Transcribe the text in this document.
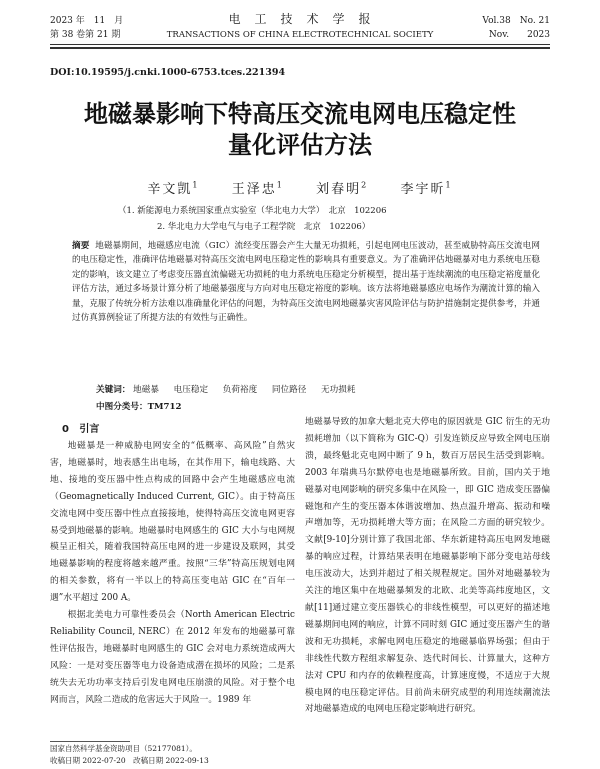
2023 年　11　月
第 38 卷第 21 期
电　工　技　术　学　报
TRANSACTIONS OF CHINA ELECTROTECHNICAL SOCIETY
Vol.38　No. 21
Nov.　　2023
DOI:10.19595/j.cnki.1000-6753.tces.221394
地磁暴影响下特高压交流电网电压稳定性
量化评估方法
辛文凯$^1$ 王泽忠$^1$ 刘春明$^2$ 李宇昕$^1$
（1. 新能源电力系统国家重点实验室（华北电力大学）　北京　102206
2. 华北电力大学电气与电子工程学院　北京　102206）
摘要 地磁暴期间，地磁感应电流（GIC）流经变压器会产生大量无功损耗，引起电网电压波动，甚至威胁特高压交流电网的电压稳定性，准确评估地磁暴对特高压交流电网电压稳定性的影响具有重要意义。为了准确评估地磁暴对电力系统电压稳定的影响，该文建立了考虑变压器直流偏磁无功损耗的电力系统电压稳定分析模型，提出基于连续潮流的电压稳定裕度量化评估方法，通过多场景计算分析了地磁暴强度与方向对电压稳定裕度的影响。该方法将地磁暴感应电场作为潮流计算的输入量，克服了传统分析方法难以准确量化评估的问题，为特高压交流电网地磁暴灾害风险评估与防护措施制定提供参考，并通过仿真算例验证了所提方法的有效性与正确性。
关键词： 地磁暴 电压稳定 负荷裕度 同位路径 无功损耗
中图分类号：TM712
0 引言

地磁暴是一种威胁电网安全的“低概率、高风险”自然灾害，地磁暴时，地表感生出电场，在其作用下，输电线路、大地、接地的变压器中性点构成的回路中会产生地磁感应电流（Geomagnetically Induced Current, GIC）。由于特高压交流电网中变压器中性点直接接地，使得特高压交流电网更容易受到地磁暴的影响。地磁暴时电网感生的 GIC 大小与电网规模呈正相关，随着我国特高压电网的进一步建设及联网，其受地磁暴影响的程度将越来越严重。按照“三华”特高压规划电网的相关参数，将有一半以上的特高压变电站 GIC 在“百年一遇”水平超过 200 A。

根据北美电力可靠性委员会（North American Electric Reliability Council, NERC）在 2012 年发布的地磁暴可靠性评估报告，地磁暴时电网感生的 GIC 会对电力系统造成两大风险：一是对变压器等电力设备造成潜在损坏的风险；二是系统失去无功功率支持后引发电网电压崩溃的风险。对于整个电网而言，风险二造成的危害远大于风险一。1989 年

国家自然科学基金资助项目（52177081）。
收稿日期 2022-07-20　改稿日期 2022-09-13

地磁暴导致的加拿大魁北克大停电的原因就是 GIC 衍生的无功损耗增加（以下简称为 GIC-Q）引发连锁反应导致全网电压崩溃，最终魁北克电网中断了 9 h，数百万居民生活受到影响。2003 年瑞典马尔默停电也是地磁暴所致。目前，国内关于地磁暴对电网影响的研究多集中在风险一，即 GIC 造成变压器偏磁饱和产生的变压器本体谐波增加、热点温升增高、振动和噪声增加等，无功损耗增大等方面；在风险二方面的研究较少。文献[9-10]分别计算了我国北部、华东新建特高压电网发地磁暴的响应过程，计算结果表明在地磁暴影响下部分变电站母线电压波动大，达到并超过了相关规程规定。国外对地磁暴较为关注的地区集中在地磁暴频发的北欧、北美等高纬度地区，文献[11]通过建立变压器铁心的非线性模型，可以更好的描述地磁暴期间电网的响应，计算不同时刻 GIC 通过变压器产生的谐波和无功损耗，求解电网电压稳定的地磁暴临界场强；但由于非线性代数方程组求解复杂、迭代时间长、计算量大，这种方法对 CPU 和内存的依赖程度高，计算速度慢，不适应于大规模电网的电压稳定评估。目前尚未研究成型的利用连续潮流法对地磁暴造成的电网电压稳定影响进行研究。
